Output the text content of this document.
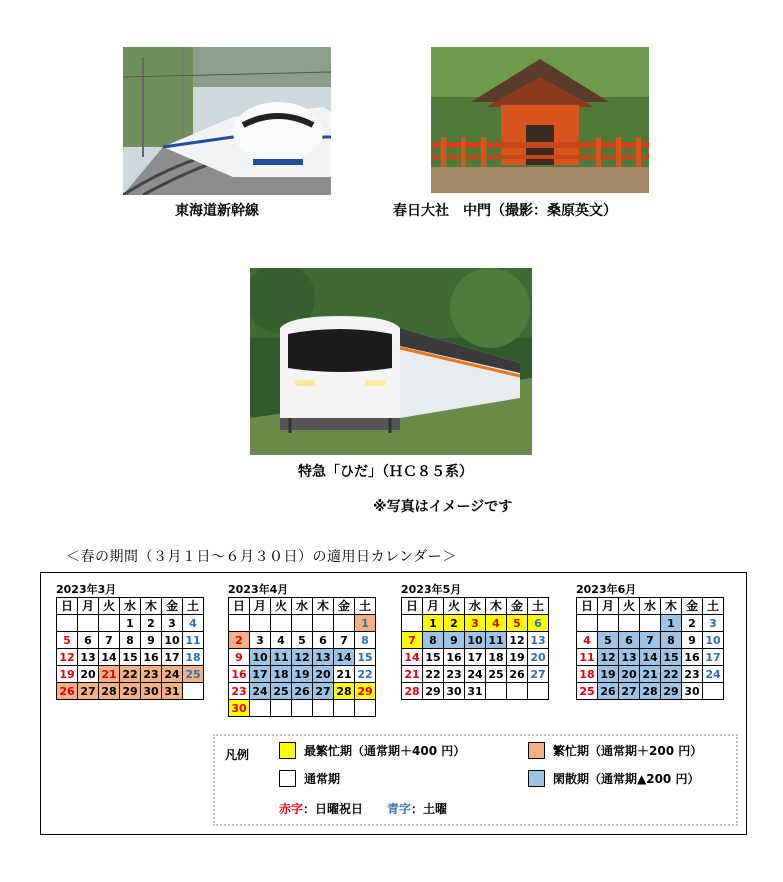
東海道新幹線	春日大社　中門（撮影：桑原英文）
特急「ひだ」（ＨＣ８５系）
※写真はイメージです
＜春の期間（３月１日～６月３０日）の適用日カレンダー＞
2023年3月
日	月	火	水	木	金	土
			1	2	3	4
5	6	7	8	9	10	11
12	13	14	15	16	17	18
19	20	21	22	23	24	25
26	27	28	29	30	31	
2023年4月
日	月	火	水	木	金	土
						1
2	3	4	5	6	7	8
9	10	11	12	13	14	15
16	17	18	19	20	21	22
23	24	25	26	27	28	29
30						
2023年5月
日	月	火	水	木	金	土
	1	2	3	4	5	6
7	8	9	10	11	12	13
14	15	16	17	18	19	20
21	22	23	24	25	26	27
28	29	30	31			
2023年6月
日	月	火	水	木	金	土
				1	2	3
4	5	6	7	8	9	10
11	12	13	14	15	16	17
18	19	20	21	22	23	24
25	26	27	28	29	30	
凡例	最繁忙期（通常期＋400 円）	繁忙期（通常期＋200 円）
通常期	閑散期（通常期▲200 円）
赤字 ：日曜祝日 青字 ：土曜
